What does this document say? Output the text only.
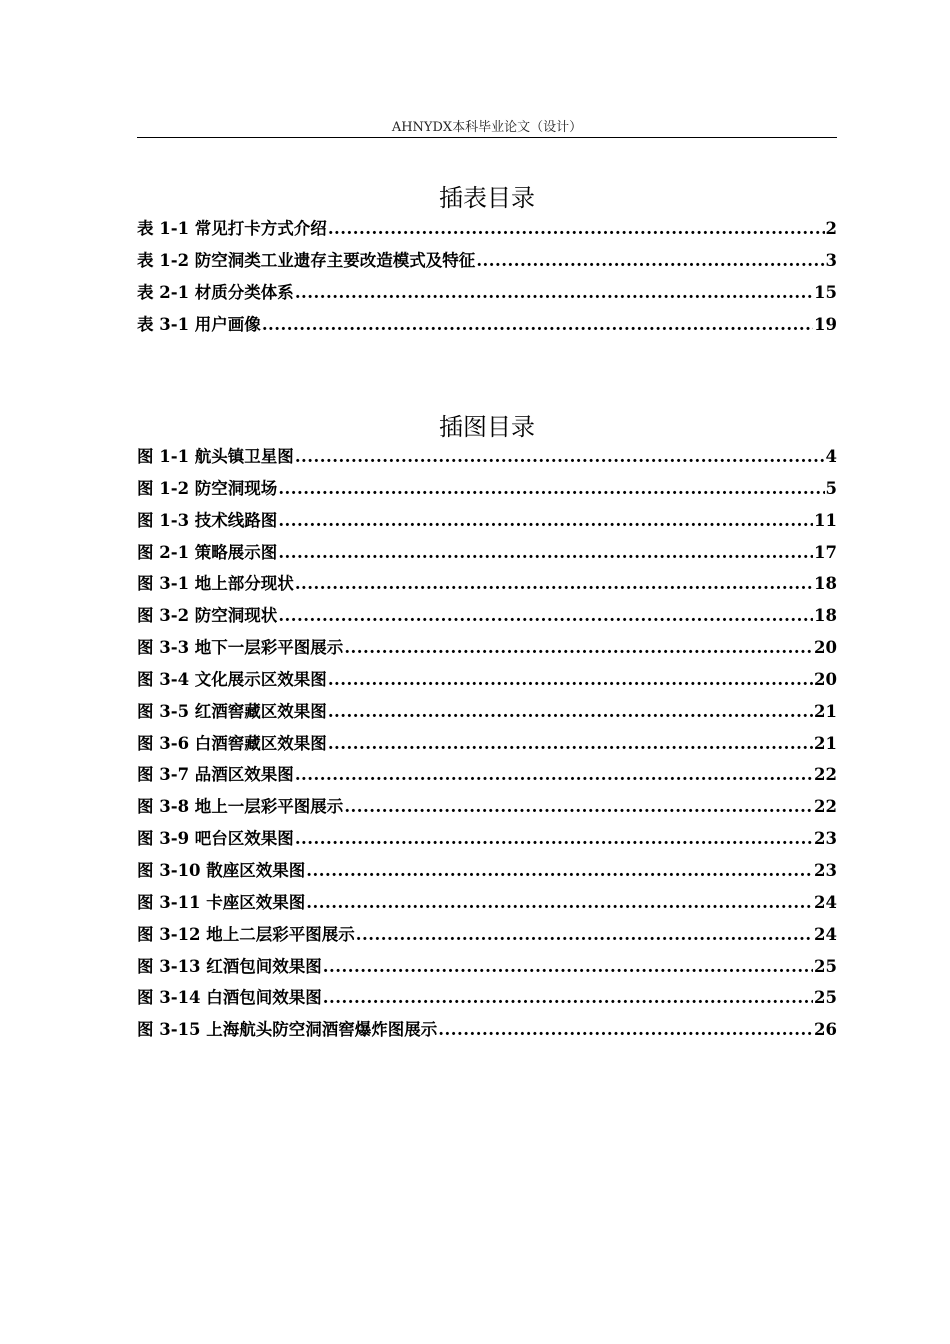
AHNYDX本科毕业论文（设计）
插表目录
表 1-1 常见打卡方式介绍 .....	2
表 1-2 防空洞类工业遗存主要改造模式及特征 .....	3
表 2-1 材质分类体系 .....	15
表 3-1 用户画像 .....	19
插图目录
图 1-1 航头镇卫星图 .....	4
图 1-2 防空洞现场 .....	5
图 1-3 技术线路图 .....	11
图 2-1 策略展示图 .....	17
图 3-1 地上部分现状 .....	18
图 3-2 防空洞现状 .....	18
图 3-3 地下一层彩平图展示 .....	20
图 3-4 文化展示区效果图 .....	20
图 3-5 红酒窖藏区效果图 .....	21
图 3-6 白酒窖藏区效果图 .....	21
图 3-7 品酒区效果图 .....	22
图 3-8 地上一层彩平图展示 .....	22
图 3-9 吧台区效果图 .....	23
图 3-10 散座区效果图 .....	23
图 3-11 卡座区效果图 .....	24
图 3-12 地上二层彩平图展示 .....	24
图 3-13 红酒包间效果图 .....	25
图 3-14 白酒包间效果图 .....	25
图 3-15 上海航头防空洞酒窖爆炸图展示 .....	26
